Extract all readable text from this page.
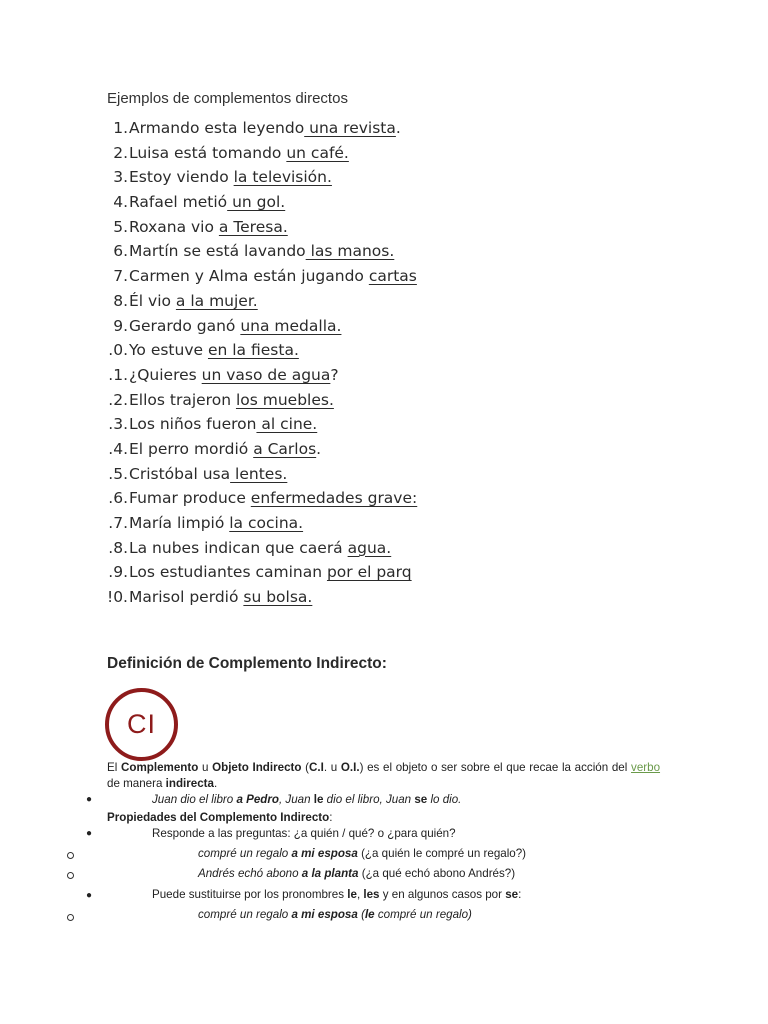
Ejemplos de complementos directos
1.Armando esta leyendo una revista.
2.Luisa está tomando un café.
3.Estoy viendo la televisión.
4.Rafael metió un gol.
5.Roxana vio a Teresa.
6.Martín se está lavando las manos.
7.Carmen y Alma están jugando cartas
8.Él vio a la mujer.
9.Gerardo ganó una medalla.
.0.Yo estuve en la fiesta.
.1.¿Quieres un vaso de agua?
.2.Ellos trajeron los muebles.
.3.Los niños fueron al cine.
.4.El perro mordió a Carlos.
.5.Cristóbal usa lentes.
.6.Fumar produce enfermedades grave:
.7.María limpió la cocina.
.8.La nubes indican que caerá agua.
.9.Los estudiantes caminan por el parq
!0.Marisol perdió su bolsa.
Definición de Complemento Indirecto:
CI
El Complemento u Objeto Indirecto (C.I. u O.I.) es el objeto o ser sobre el que recae la acción del verbo de manera indirecta.
●	Juan dio el libro a Pedro, Juan le dio el libro, Juan se lo dio.
Propiedades del Complemento Indirecto:
●	Responde a las preguntas: ¿a quién / qué? o ¿para quién?
compré un regalo a mi esposa (¿a quién le compré un regalo?)
Andrés echó abono a la planta (¿a qué echó abono Andrés?)
●	Puede sustituirse por los pronombres le, les y en algunos casos por se:
compré un regalo a mi esposa (le compré un regalo)
